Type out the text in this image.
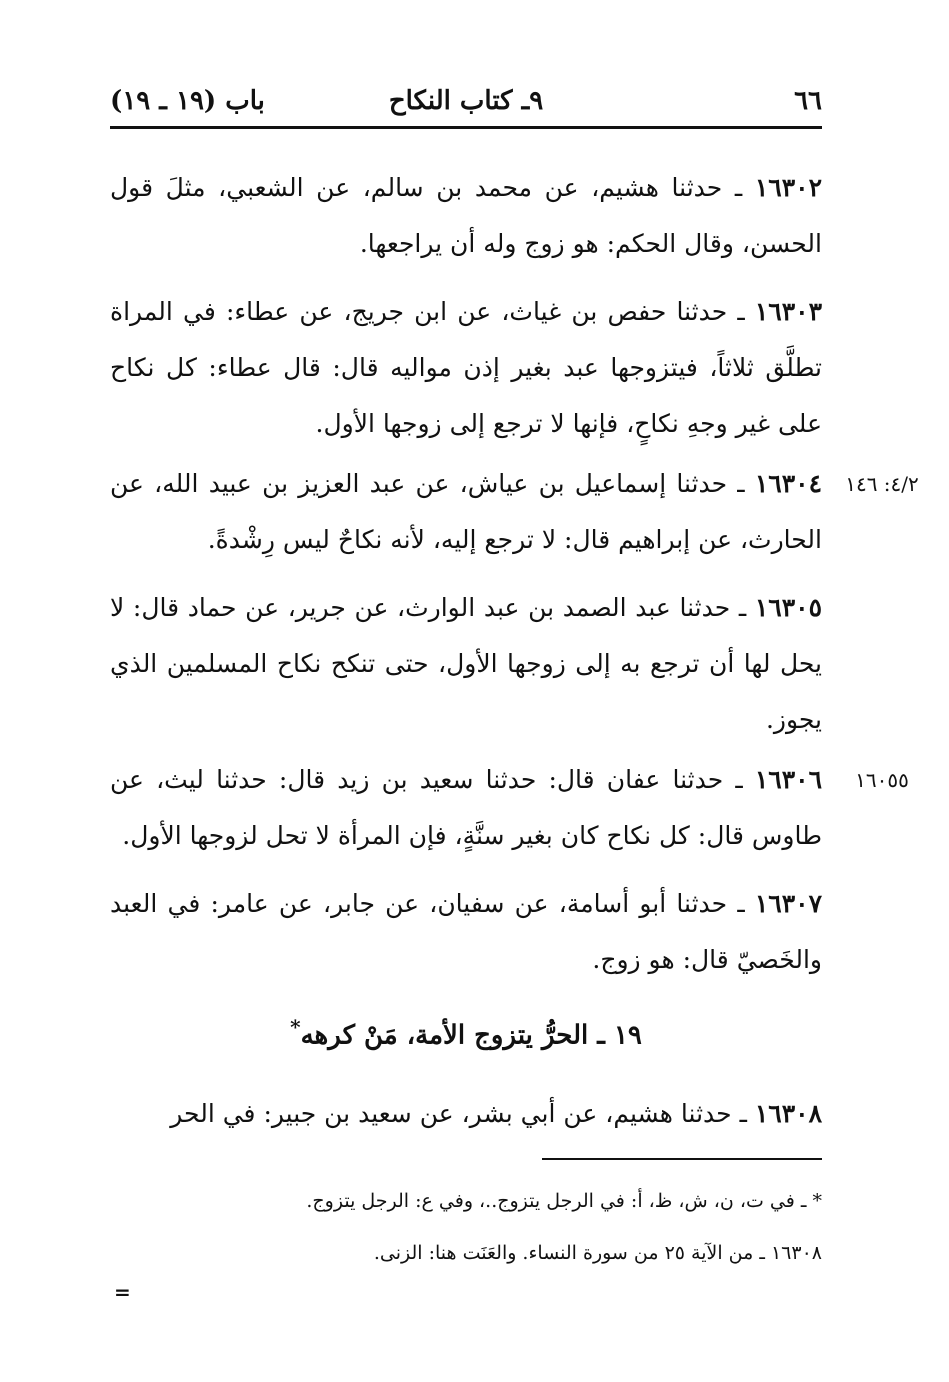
٦٦
٩ـ كتاب النكاح
باب (١٩ ـ ١٩)
١٦٣٠٢ ـ حدثنا هشيم، عن محمد بن سالم، عن الشعبي، مثلَ قول الحسن، وقال الحكم: هو زوج وله أن يراجعها.
١٦٣٠٣ ـ حدثنا حفص بن غياث، عن ابن جريج، عن عطاء: في المراة تطلَّق ثلاثاً، فيتزوجها عبد بغير إذن مواليه قال: قال عطاء: كل نكاح على غير وجهِ نكاحٍ، فإنها لا ترجع إلى زوجها الأول.
٤/٢: ١٤٦
١٦٣٠٤ ـ حدثنا إسماعيل بن عياش، عن عبد العزيز بن عبيد الله، عن الحارث، عن إبراهيم قال: لا ترجع إليه، لأنه نكاحٌ ليس رِشْدةً.
١٦٣٠٥ ـ حدثنا عبد الصمد بن عبد الوارث، عن جرير، عن حماد قال: لا يحل لها أن ترجع به إلى زوجها الأول، حتى تنكح نكاح المسلمين الذي يجوز.
١٦٠٥٥
١٦٣٠٦ ـ حدثنا عفان قال: حدثنا سعيد بن زيد قال: حدثنا ليث، عن طاوس قال: كل نكاح كان بغير سنَّةٍ، فإن المرأة لا تحل لزوجها الأول.
١٦٣٠٧ ـ حدثنا أبو أسامة، عن سفيان، عن جابر، عن عامر: في العبد والخَصيّ قال: هو زوج.
١٩ ـ الحرُّ يتزوج الأمة، مَنْ كرهه*
١٦٣٠٨ ـ حدثنا هشيم، عن أبي بشر، عن سعيد بن جبير: في الحر
* ـ في ت، ن، ش، ظ، أ: في الرجل يتزوج..، وفي ع: الرجل يتزوج.
١٦٣٠٨ ـ من الآية ٢٥ من سورة النساء. والعَنَت هنا: الزنى.
=
